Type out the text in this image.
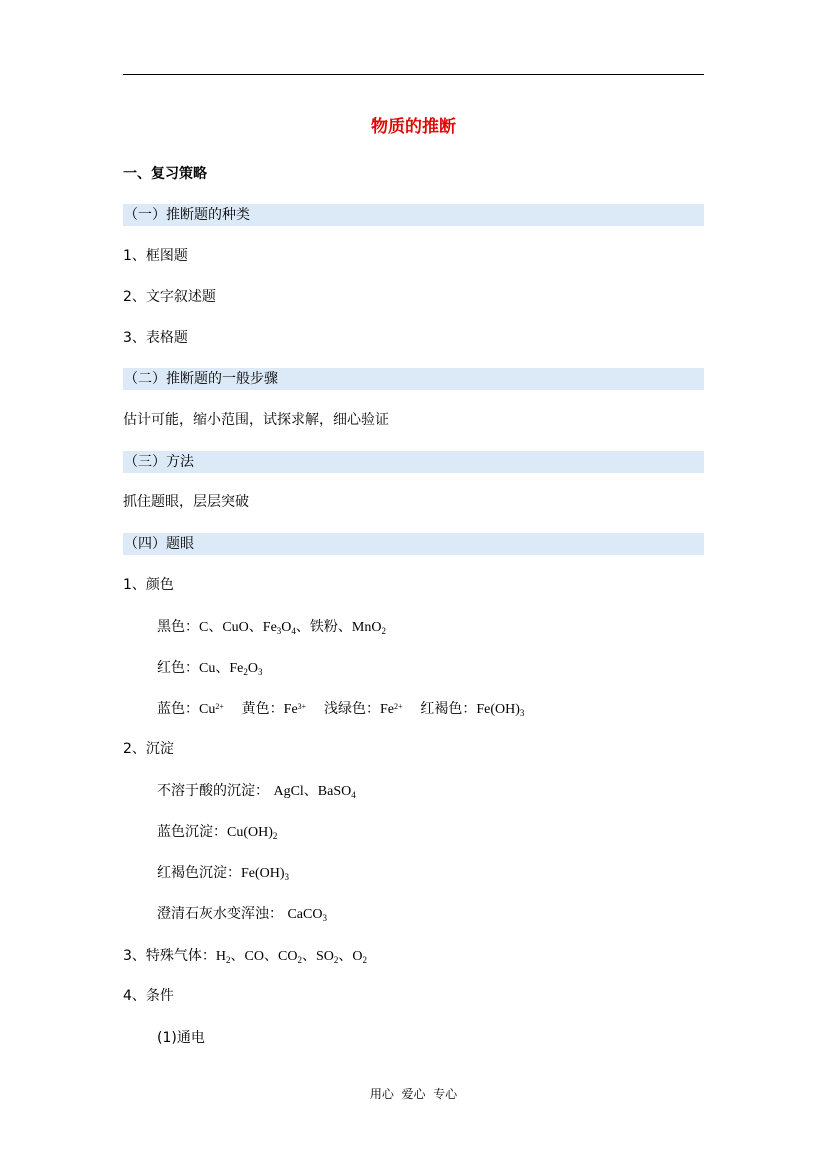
物质的推断
一、复习策略
（一）推断题的种类
1、框图题
2、文字叙述题
3、表格题
（二）推断题的一般步骤
估计可能，缩小范围，试探求解，细心验证
（三）方法
抓住题眼，层层突破
（四）题眼
1、颜色
黑色：C、CuO、$Fe_3O_4$、铁粉、MnO$_2$
红色：Cu、$Fe_2O_3$
蓝色：$Cu^{2+}$ 黄色：$Fe^{3+}$ 浅绿色：$Fe^{2+}$ 红褐色：$Fe(OH)_3$
2、沉淀
不溶于酸的沉淀： AgCl、BaSO$_4$
蓝色沉淀：$Cu(OH)_2$
红褐色沉淀：$Fe(OH)_3$
澄清石灰水变浑浊： CaCO$_3$
3、特殊气体：$H_2$、CO、$CO_2$、$SO_2$、$O_2$
4、条件
(1)通电
用心  爱心  专心
